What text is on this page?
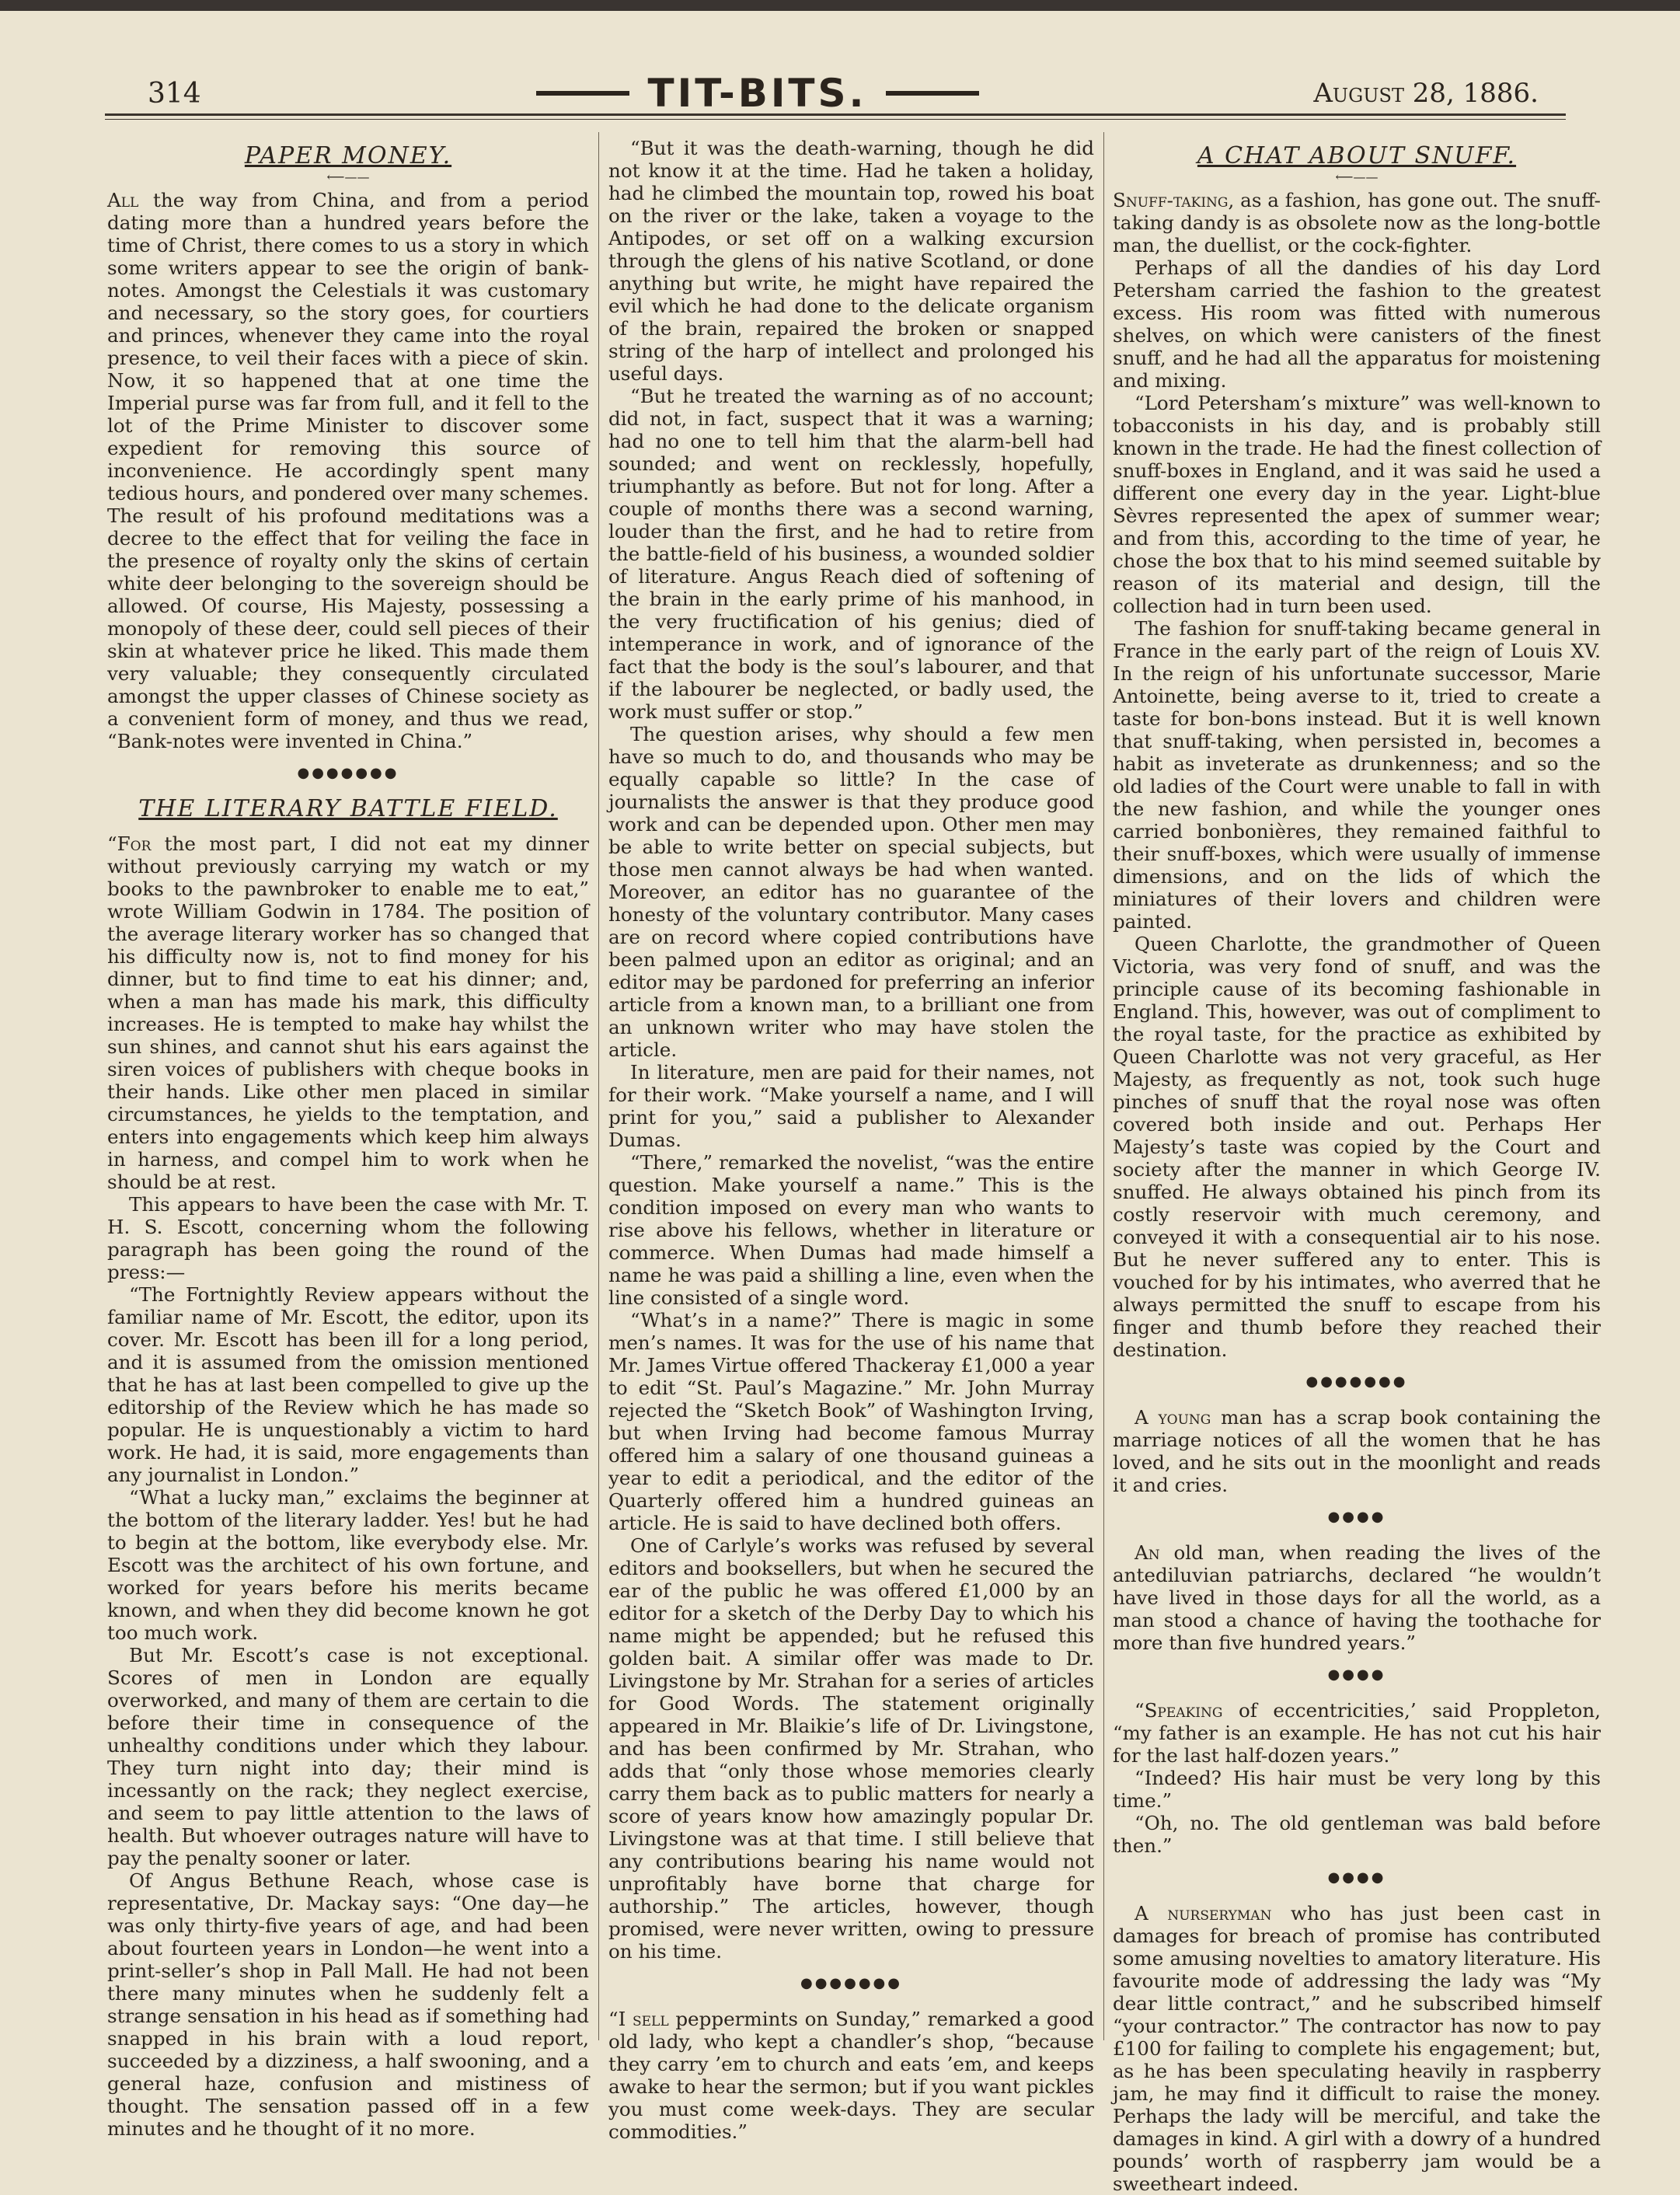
314	TIT-BITS.	August 28, 1886.
PAPER MONEY.
⟵——

All the way from China, and from a period dating more than a hundred years before the time of Christ, there comes to us a story in which some writers appear to see the origin of bank-notes. Amongst the Celestials it was customary and necessary, so the story goes, for courtiers and princes, whenever they came into the royal presence, to veil their faces with a piece of skin. Now, it so happened that at one time the Imperial purse was far from full, and it fell to the lot of the Prime Minister to discover some expedient for removing this source of inconvenience. He accordingly spent many tedious hours, and pondered over many schemes. The result of his profound meditations was a decree to the effect that for veiling the face in the presence of royalty only the skins of certain white deer belonging to the sovereign should be allowed. Of course, His Majesty, possessing a monopoly of these deer, could sell pieces of their skin at whatever price he liked. This made them very valuable; they consequently circulated amongst the upper classes of Chinese society as a convenient form of money, and thus we read, “Bank-notes were invented in China.”

●●●●●●●
THE LITERARY BATTLE FIELD.

“For the most part, I did not eat my dinner without previously carrying my watch or my books to the pawnbroker to enable me to eat,” wrote William Godwin in 1784. The position of the average literary worker has so changed that his difficulty now is, not to find money for his dinner, but to find time to eat his dinner; and, when a man has made his mark, this difficulty increases. He is tempted to make hay whilst the sun shines, and cannot shut his ears against the siren voices of publishers with cheque books in their hands. Like other men placed in similar circumstances, he yields to the temptation, and enters into engagements which keep him always in harness, and compel him to work when he should be at rest.

This appears to have been the case with Mr. T. H. S. Escott, concerning whom the following paragraph has been going the round of the press:—

“The Fortnightly Review appears without the familiar name of Mr. Escott, the editor, upon its cover. Mr. Escott has been ill for a long period, and it is assumed from the omission mentioned that he has at last been compelled to give up the editorship of the Review which he has made so popular. He is unquestionably a victim to hard work. He had, it is said, more engagements than any journalist in London.”

“What a lucky man,” exclaims the beginner at the bottom of the literary ladder. Yes! but he had to begin at the bottom, like everybody else. Mr. Escott was the architect of his own fortune, and worked for years before his merits became known, and when they did become known he got too much work.

But Mr. Escott’s case is not exceptional. Scores of men in London are equally overworked, and many of them are certain to die before their time in consequence of the unhealthy conditions under which they labour. They turn night into day; their mind is incessantly on the rack; they neglect exercise, and seem to pay little attention to the laws of health. But whoever outrages nature will have to pay the penalty sooner or later.

Of Angus Bethune Reach, whose case is representative, Dr. Mackay says: “One day—he was only thirty-five years of age, and had been about fourteen years in London—he went into a print-seller’s shop in Pall Mall. He had not been there many minutes when he suddenly felt a strange sensation in his head as if something had snapped in his brain with a loud report, succeeded by a dizziness, a half swooning, and a general haze, confusion and mistiness of thought. The sensation passed off in a few minutes and he thought of it no more.

“But it was the death-warning, though he did not know it at the time. Had he taken a holiday, had he climbed the mountain top, rowed his boat on the river or the lake, taken a voyage to the Antipodes, or set off on a walking excursion through the glens of his native Scotland, or done anything but write, he might have repaired the evil which he had done to the delicate organism of the brain, repaired the broken or snapped string of the harp of intellect and prolonged his useful days.

“But he treated the warning as of no account; did not, in fact, suspect that it was a warning; had no one to tell him that the alarm-bell had sounded; and went on recklessly, hopefully, triumphantly as before. But not for long. After a couple of months there was a second warning, louder than the first, and he had to retire from the battle-field of his business, a wounded soldier of literature. Angus Reach died of softening of the brain in the early prime of his manhood, in the very fructification of his genius; died of intemperance in work, and of ignorance of the fact that the body is the soul’s labourer, and that if the labourer be neglected, or badly used, the work must suffer or stop.”

The question arises, why should a few men have so much to do, and thousands who may be equally capable so little? In the case of journalists the answer is that they produce good work and can be depended upon. Other men may be able to write better on special subjects, but those men cannot always be had when wanted. Moreover, an editor has no guarantee of the honesty of the voluntary contributor. Many cases are on record where copied contributions have been palmed upon an editor as original; and an editor may be pardoned for preferring an inferior article from a known man, to a brilliant one from an unknown writer who may have stolen the article.

In literature, men are paid for their names, not for their work. “Make yourself a name, and I will print for you,” said a publisher to Alexander Dumas.

“There,” remarked the novelist, “was the entire question. Make yourself a name.” This is the condition imposed on every man who wants to rise above his fellows, whether in literature or commerce. When Dumas had made himself a name he was paid a shilling a line, even when the line consisted of a single word.

“What’s in a name?” There is magic in some men’s names. It was for the use of his name that Mr. James Virtue offered Thackeray £1,000 a year to edit “St. Paul’s Magazine.” Mr. John Murray rejected the “Sketch Book” of Washington Irving, but when Irving had become famous Murray offered him a salary of one thousand guineas a year to edit a periodical, and the editor of the Quarterly offered him a hundred guineas an article. He is said to have declined both offers.

One of Carlyle’s works was refused by several editors and booksellers, but when he secured the ear of the public he was offered £1,000 by an editor for a sketch of the Derby Day to which his name might be appended; but he refused this golden bait. A similar offer was made to Dr. Livingstone by Mr. Strahan for a series of articles for Good Words. The statement originally appeared in Mr. Blaikie’s life of Dr. Livingstone, and has been confirmed by Mr. Strahan, who adds that “only those whose memories clearly carry them back as to public matters for nearly a score of years know how amazingly popular Dr. Livingstone was at that time. I still believe that any contributions bearing his name would not unprofitably have borne that charge for authorship.” The articles, however, though promised, were never written, owing to pressure on his time.

●●●●●●●

“I sell peppermints on Sunday,” remarked a good old lady, who kept a chandler’s shop, “because they carry ’em to church and eats ’em, and keeps awake to hear the sermon; but if you want pickles you must come week-days. They are secular commodities.”

A CHAT ABOUT SNUFF.
⟵——

Snuff-taking, as a fashion, has gone out. The snuff-taking dandy is as obsolete now as the long-bottle man, the duellist, or the cock-fighter.

Perhaps of all the dandies of his day Lord Petersham carried the fashion to the greatest excess. His room was fitted with numerous shelves, on which were canisters of the finest snuff, and he had all the apparatus for moistening and mixing.

“Lord Petersham’s mixture” was well-known to tobacconists in his day, and is probably still known in the trade. He had the finest collection of snuff-boxes in England, and it was said he used a different one every day in the year. Light-blue Sèvres represented the apex of summer wear; and from this, according to the time of year, he chose the box that to his mind seemed suitable by reason of its material and design, till the collection had in turn been used.

The fashion for snuff-taking became general in France in the early part of the reign of Louis XV. In the reign of his unfortunate successor, Marie Antoinette, being averse to it, tried to create a taste for bon-bons instead. But it is well known that snuff-taking, when persisted in, becomes a habit as inveterate as drunkenness; and so the old ladies of the Court were unable to fall in with the new fashion, and while the younger ones carried bonbonières, they remained faithful to their snuff-boxes, which were usually of immense dimensions, and on the lids of which the miniatures of their lovers and children were painted.

Queen Charlotte, the grandmother of Queen Victoria, was very fond of snuff, and was the principle cause of its becoming fashionable in England. This, however, was out of compliment to the royal taste, for the practice as exhibited by Queen Charlotte was not very graceful, as Her Majesty, as frequently as not, took such huge pinches of snuff that the royal nose was often covered both inside and out. Perhaps Her Majesty’s taste was copied by the Court and society after the manner in which George IV. snuffed. He always obtained his pinch from its costly reservoir with much ceremony, and conveyed it with a consequential air to his nose. But he never suffered any to enter. This is vouched for by his intimates, who averred that he always permitted the snuff to escape from his finger and thumb before they reached their destination.

●●●●●●●

A young man has a scrap book containing the marriage notices of all the women that he has loved, and he sits out in the moonlight and reads it and cries.

●●●●

An old man, when reading the lives of the antediluvian patriarchs, declared “he wouldn’t have lived in those days for all the world, as a man stood a chance of having the toothache for more than five hundred years.”

●●●●

“Speaking of eccentricities,’ said Proppleton, “my father is an example. He has not cut his hair for the last half-dozen years.”

“Indeed? His hair must be very long by this time.”

“Oh, no. The old gentleman was bald before then.”

●●●●

A nurseryman who has just been cast in damages for breach of promise has contributed some amusing novelties to amatory literature. His favourite mode of addressing the lady was “My dear little contract,” and he subscribed himself “your contractor.” The contractor has now to pay £100 for failing to complete his engagement; but, as he has been speculating heavily in raspberry jam, he may find it difficult to raise the money. Perhaps the lady will be merciful, and take the damages in kind. A girl with a dowry of a hundred pounds’ worth of raspberry jam would be a sweetheart indeed.
